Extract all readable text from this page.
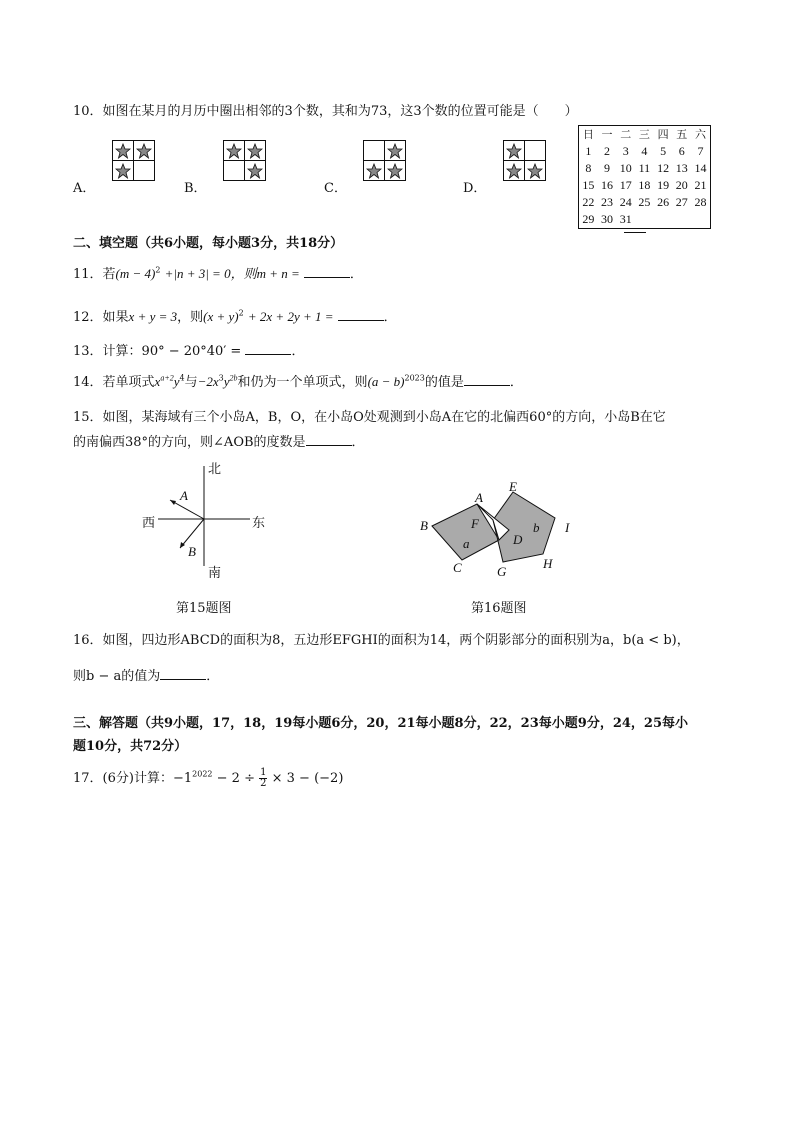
10．如图在某月的月历中圈出相邻的3个数，其和为73，这3个数的位置可能是（　　）
A．	B．	C．	D．
日 一 二 三 四 五 六
1	2	3	4	5	6	7
8	9 10 11 12 13 14
15 16 17 18 19 20 21
22 23 24 25 26 27 28
29 30 31
二、填空题（共6小题，每小题3分，共18分）
11．若$(m - 4)^2 +|n + 3| = 0$，则m + n =	．
12．如果x + y = 3，则$(x + y)^2 + 2x + 2y + 1$ =	．
13．计算：90° − 20°40′ =	．
14．若单项式$x^{a+2}y^4$与$-2x^3y^{2b}$和仍为一个单项式，则$(a - b)^{2023}$的值是	．
15．如图，某海域有三个小岛A，B，O，在小岛O处观测到小岛A在它的北偏西60°的方向，小岛B在它
的南偏西38°的方向，则∠AOB的度数是	．
北
南
西	东
A
B
第15题图
A
B
C
D
E
F
G
H
I
a
b
第16题图
16．如图，四边形ABCD的面积为8，五边形EFGHI的面积为14，两个阴影部分的面积别为a，b(a < b)，
则b − a的值为	．
三、解答题（共9小题，17，18，19每小题6分，20，21每小题8分，22，23每小题9分，24，25每小
题10分，共72分）
17．(6分)计算：$-1^{2022} - 2 \div \frac{1}{2} \times 3 - (-2)$
